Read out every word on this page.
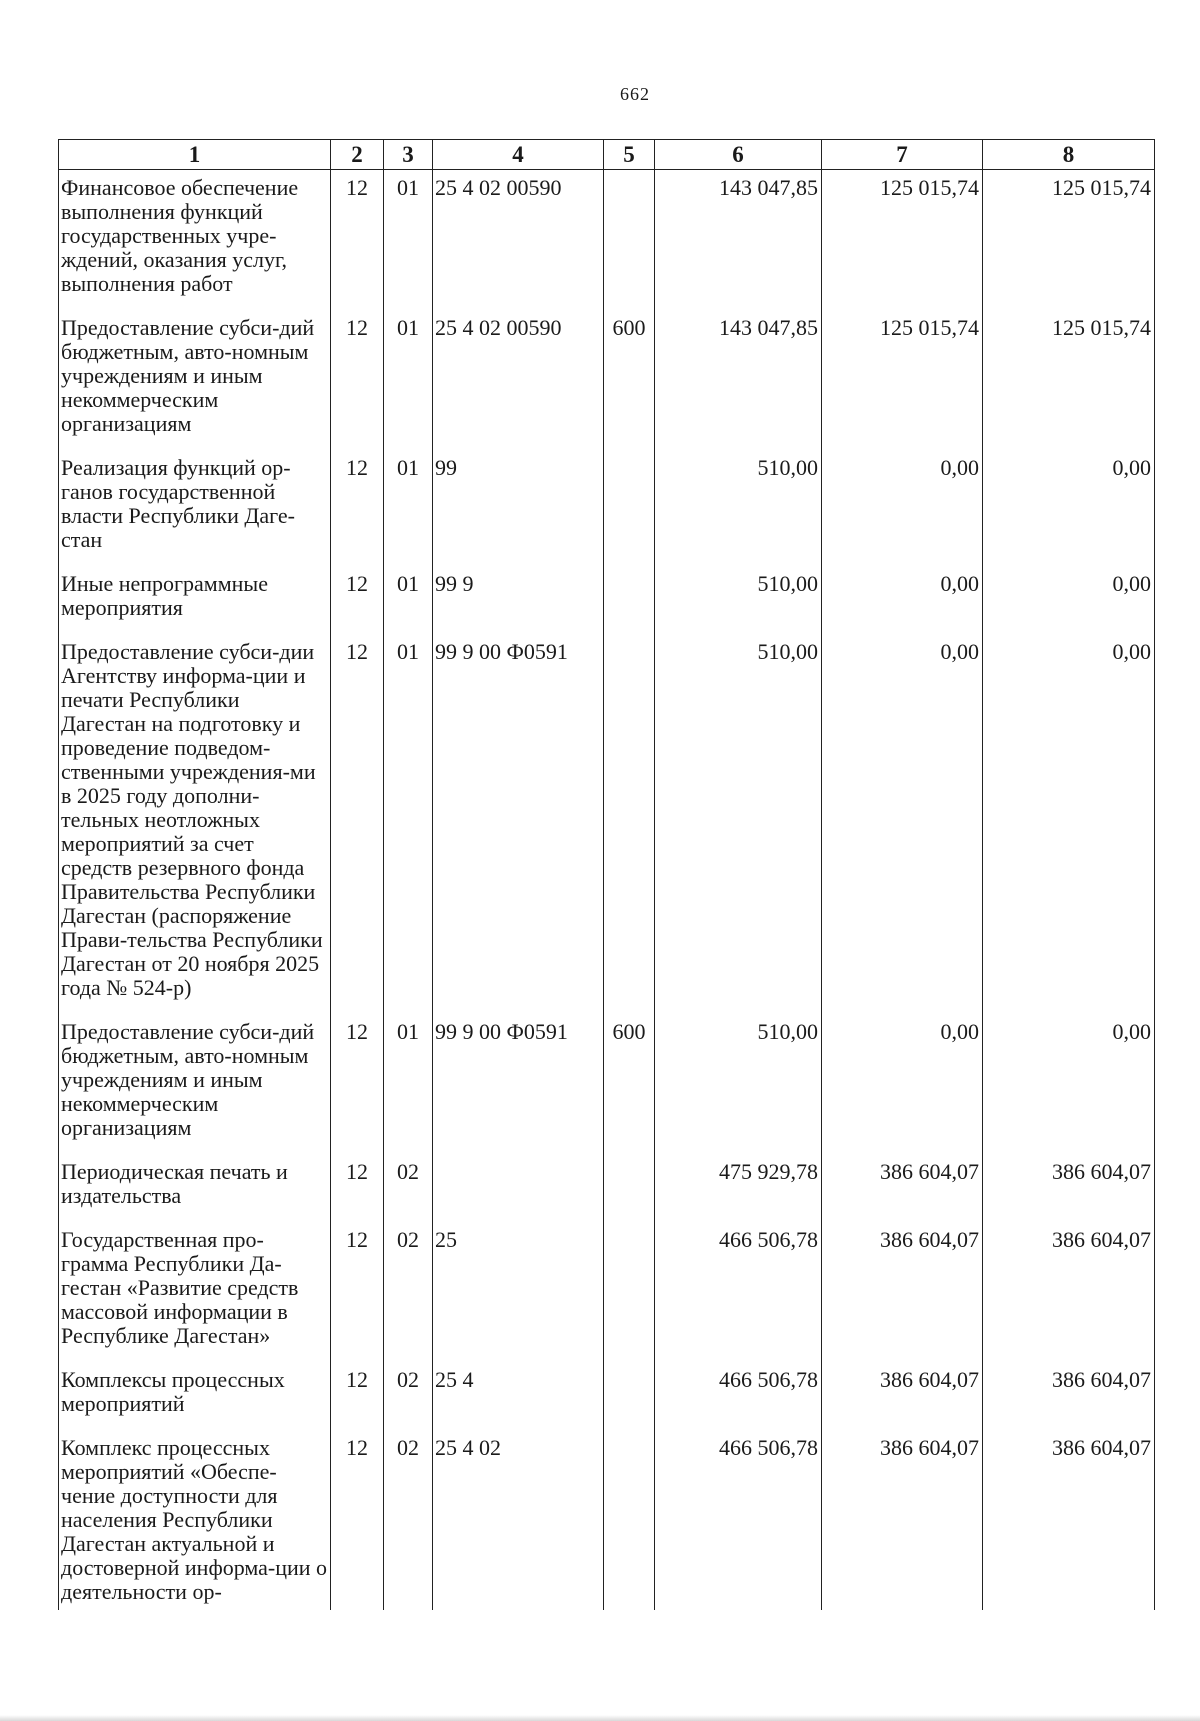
662
1	2	3	4	5	6	7	8
Финансовое обеспечение выполнения функций государственных учре-ждений, оказания услуг, выполнения работ	12	01	25 4 02 00590		143 047,85	125 015,74	125 015,74
Предоставление субси-дий бюджетным, авто-номным учреждениям и иным некоммерческим организациям	12	01	25 4 02 00590	600	143 047,85	125 015,74	125 015,74
Реализация функций ор-ганов государственной власти Республики Даге-стан	12	01	99		510,00	0,00	0,00
Иные непрограммные мероприятия	12	01	99 9		510,00	0,00	0,00
Предоставление субси-дии Агентству информа-ции и печати Республики Дагестан на подготовку и проведение подведом-ственными учреждения-ми в 2025 году дополни-тельных неотложных мероприятий за счет средств резервного фонда Правительства Республики Дагестан (распоряжение Прави-тельства Республики Дагестан от 20 ноября 2025 года № 524-р)	12	01	99 9 00 Ф0591		510,00	0,00	0,00
Предоставление субси-дий бюджетным, авто-номным учреждениям и иным некоммерческим организациям	12	01	99 9 00 Ф0591	600	510,00	0,00	0,00
Периодическая печать и издательства	12	02			475 929,78	386 604,07	386 604,07
Государственная про-грамма Республики Да-гестан «Развитие средств массовой информации в Республике Дагестан»	12	02	25		466 506,78	386 604,07	386 604,07
Комплексы процессных мероприятий	12	02	25 4		466 506,78	386 604,07	386 604,07
Комплекс процессных мероприятий «Обеспе-чение доступности для населения Республики Дагестан актуальной и достоверной информа-ции о деятельности ор-	12	02	25 4 02		466 506,78	386 604,07	386 604,07
